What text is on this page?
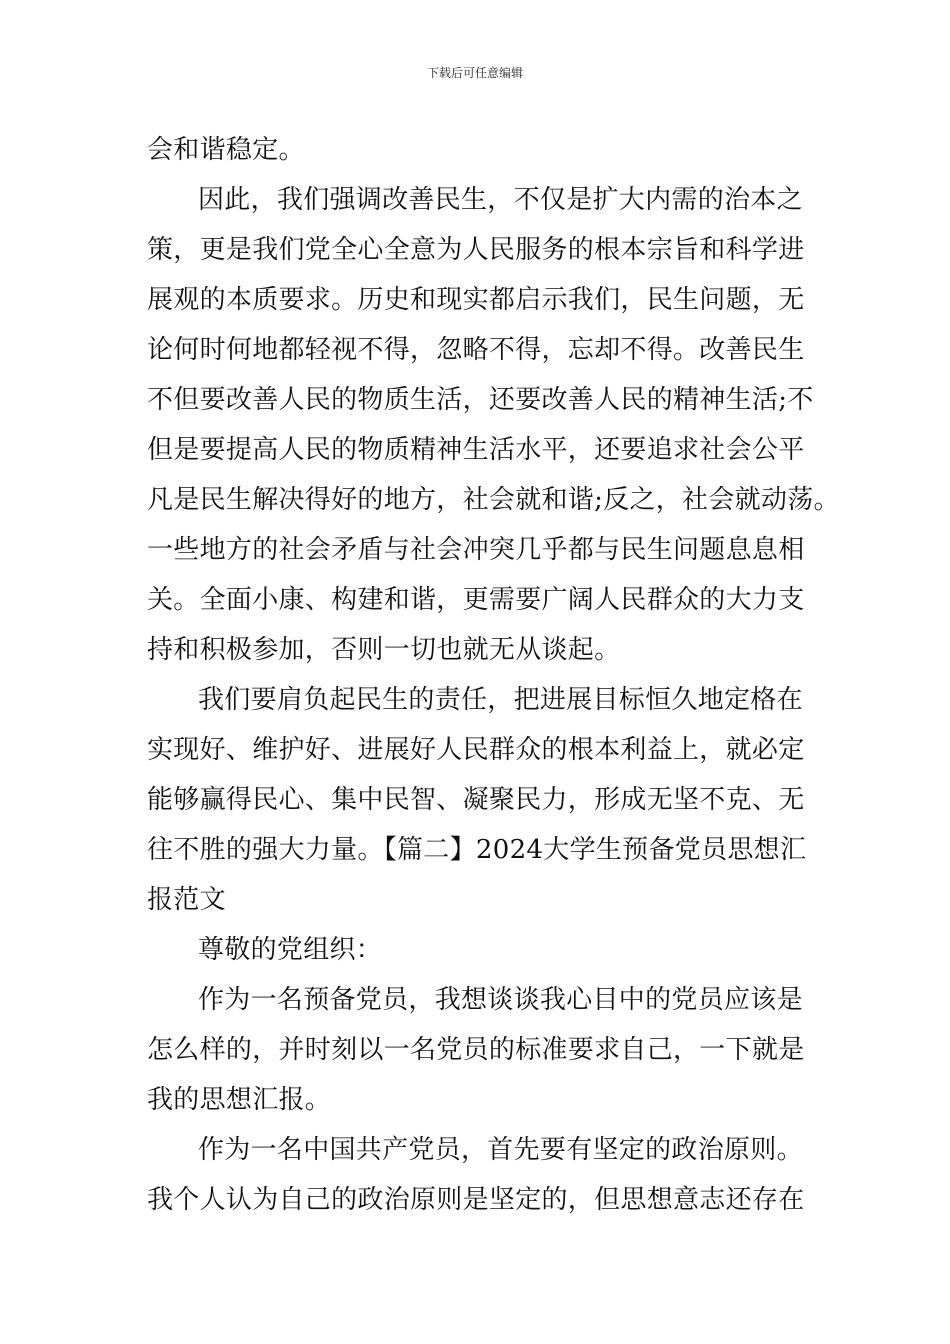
下载后可任意编辑
会和谐稳定。
因此，我们强调改善民生，不仅是扩大内需的治本之
策，更是我们党全心全意为人民服务的根本宗旨和科学进
展观的本质要求。历史和现实都启示我们，民生问题，无
论何时何地都轻视不得，忽略不得，忘却不得。改善民生
不但要改善人民的物质生活，还要改善人民的精神生活;不
但是要提高人民的物质精神生活水平，还要追求社会公平
凡是民生解决得好的地方，社会就和谐;反之，社会就动荡。
一些地方的社会矛盾与社会冲突几乎都与民生问题息息相
关。全面小康、构建和谐，更需要广阔人民群众的大力支
持和积极参加，否则一切也就无从谈起。
我们要肩负起民生的责任，把进展目标恒久地定格在
实现好、维护好、进展好人民群众的根本利益上，就必定
能够赢得民心、集中民智、凝聚民力，形成无坚不克、无
往不胜的强大力量。【篇二】2024大学生预备党员思想汇
报范文
尊敬的党组织：
作为一名预备党员，我想谈谈我心目中的党员应该是
怎么样的，并时刻以一名党员的标准要求自己，一下就是
我的思想汇报。
作为一名中国共产党员，首先要有坚定的政治原则。
我个人认为自己的政治原则是坚定的，但思想意志还存在
